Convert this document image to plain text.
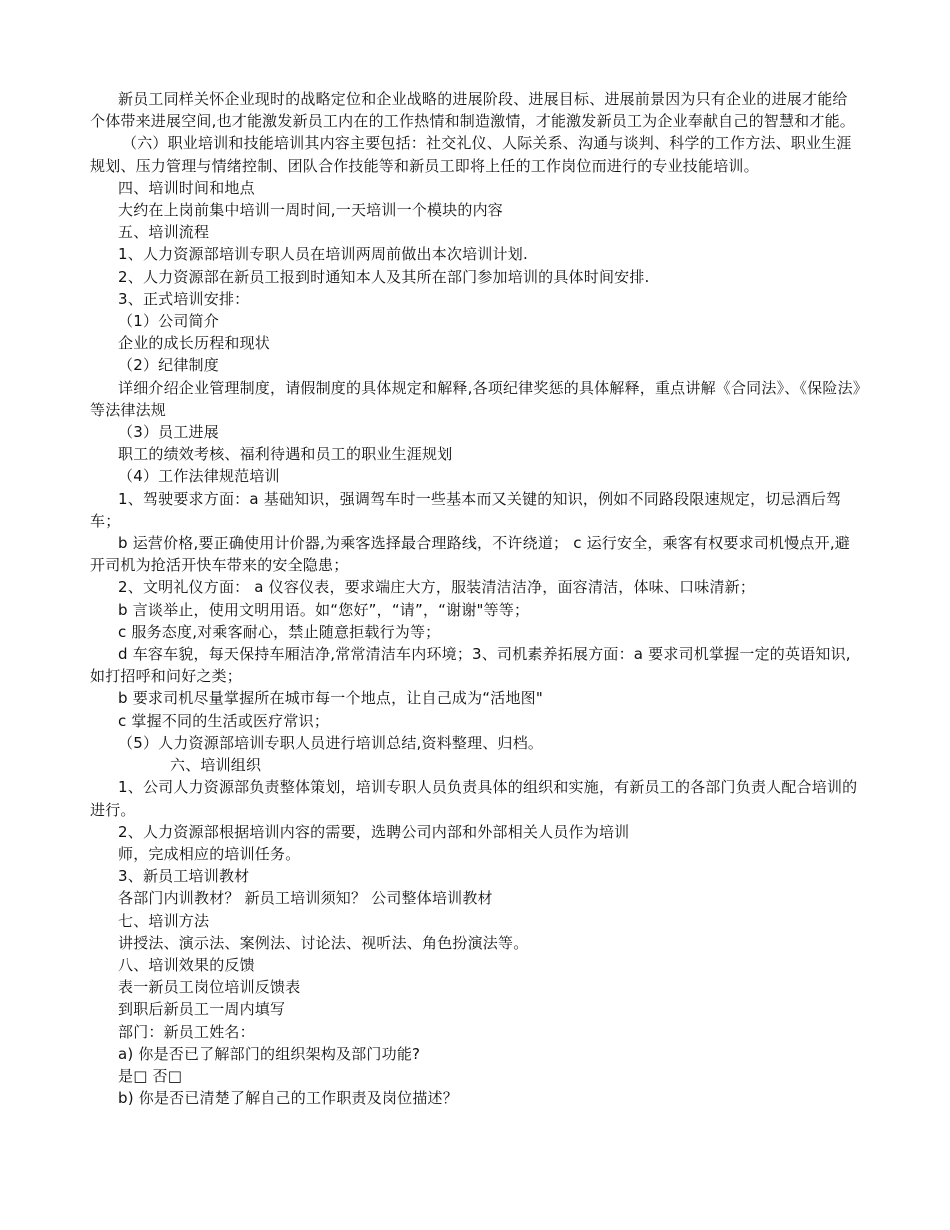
新员工同样关怀企业现时的战略定位和企业战略的进展阶段、进展目标、进展前景因为只有企业的进展才能给个体带来进展空间,也才能激发新员工内在的工作热情和制造激情，才能激发新员工为企业奉献自己的智慧和才能。

（六）职业培训和技能培训其内容主要包括：社交礼仪、人际关系、沟通与谈判、科学的工作方法、职业生涯规划、压力管理与情绪控制、团队合作技能等和新员工即将上任的工作岗位而进行的专业技能培训。

四、培训时间和地点

大约在上岗前集中培训一周时间,一天培训一个模块的内容

五、培训流程

1、人力资源部培训专职人员在培训两周前做出本次培训计划.

2、人力资源部在新员工报到时通知本人及其所在部门参加培训的具体时间安排.

3、正式培训安排：

（1）公司简介

企业的成长历程和现状

（2）纪律制度

详细介绍企业管理制度，请假制度的具体规定和解释,各项纪律奖惩的具体解释，重点讲解《合同法》、《保险法》等法律法规

（3）员工进展

职工的绩效考核、福利待遇和员工的职业生涯规划

（4）工作法律规范培训

1、驾驶要求方面：a 基础知识，强调驾车时一些基本而又关键的知识，例如不同路段限速规定，切忌酒后驾车；

b 运营价格,要正确使用计价器,为乘客选择最合理路线，不许绕道； c 运行安全，乘客有权要求司机慢点开,避开司机为抢活开快车带来的安全隐患；

2、文明礼仪方面： a 仪容仪表，要求端庄大方，服装清洁洁净，面容清洁，体味、口味清新；

b 言谈举止，使用文明用语。如“您好”，“请”，“谢谢"等等；

c 服务态度,对乘客耐心，禁止随意拒载行为等；

d 车容车貌，每天保持车厢洁净,常常清洁车内环境；3、司机素养拓展方面：a 要求司机掌握一定的英语知识,如打招呼和问好之类；

b 要求司机尽量掌握所在城市每一个地点，让自己成为“活地图"

c 掌握不同的生活或医疗常识；

（5）人力资源部培训专职人员进行培训总结,资料整理、归档。

六、培训组织

1、公司人力资源部负责整体策划，培训专职人员负责具体的组织和实施，有新员工的各部门负责人配合培训的进行。

2、人力资源部根据培训内容的需要，选聘公司内部和外部相关人员作为培训

师，完成相应的培训任务。

3、新员工培训教材

各部门内训教材？ 新员工培训须知？ 公司整体培训教材

七、培训方法

讲授法、演示法、案例法、讨论法、视听法、角色扮演法等。

八、培训效果的反馈

表一新员工岗位培训反馈表

到职后新员工一周内填写

部门：新员工姓名：

a) 你是否已了解部门的组织架构及部门功能?

是□ 否□

b) 你是否已清楚了解自己的工作职责及岗位描述？
